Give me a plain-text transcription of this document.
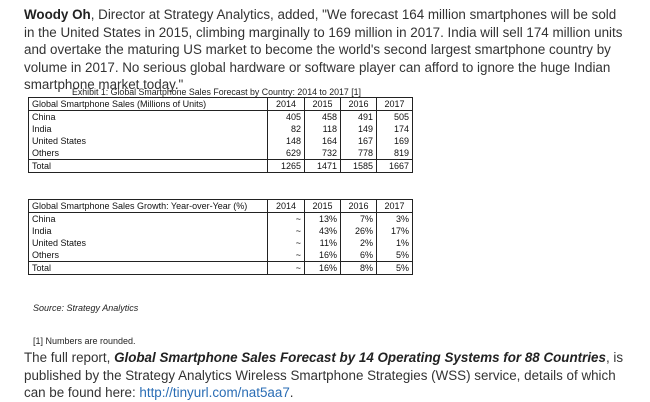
Woody Oh, Director at Strategy Analytics, added, "We forecast 164 million smartphones will be sold in the United States in 2015, climbing marginally to 169 million in 2017. India will sell 174 million units and overtake the maturing US market to become the world's second largest smartphone country by volume in 2017. No serious global hardware or software player can afford to ignore the huge Indian smartphone market today."

Exhibit 1: Global Smartphone Sales Forecast by Country: 2014 to 2017 [1]
Global Smartphone Sales (Millions of Units)	2014	2015	2016	2017
China	405	458	491	505
India	82	118	149	174
United States	148	164	167	169
Others	629	732	778	819
Total	1265	1471	1585	1667
Global Smartphone Sales Growth: Year-over-Year (%)	2014	2015	2016	2017
China	~	13%	7%	3%
India	~	43%	26%	17%
United States	~	11%	2%	1%
Others	~	16%	6%	5%
Total	~	16%	8%	5%
Source: Strategy Analytics
[1] Numbers are rounded.

The full report, Global Smartphone Sales Forecast by 14 Operating Systems for 88 Countries, is published by the Strategy Analytics Wireless Smartphone Strategies (WSS) service, details of which can be found here: http://tinyurl.com/nat5aa7.
